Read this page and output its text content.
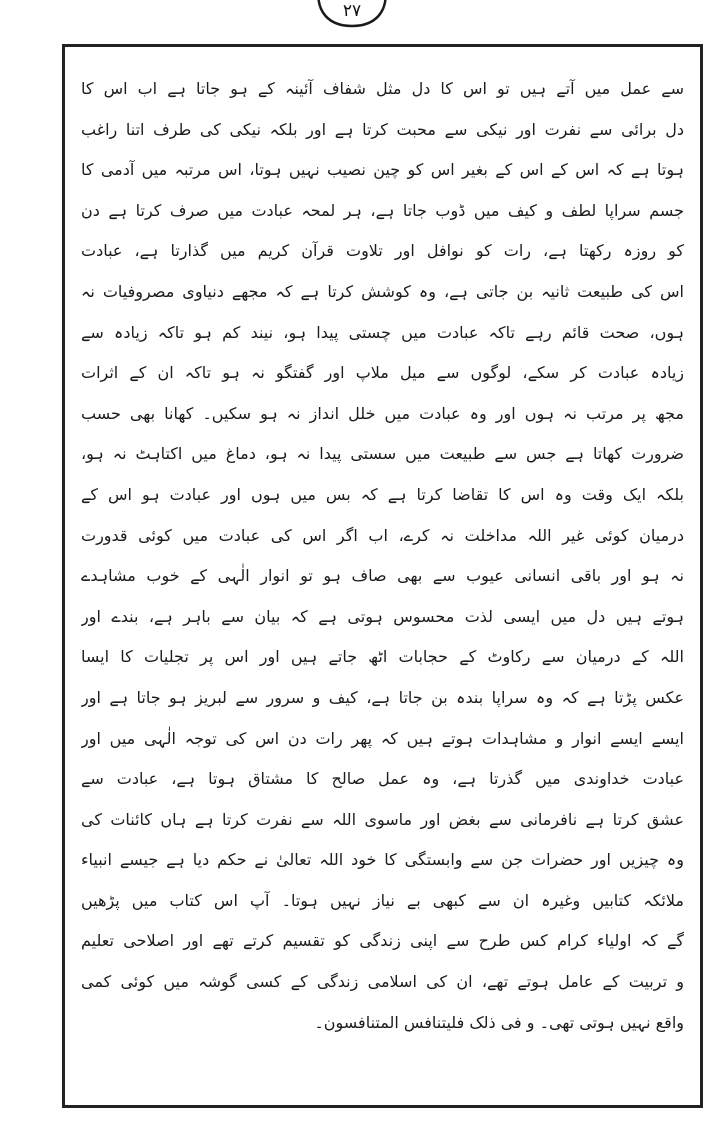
٢٧
سے عمل میں آتے ہیں تو اس کا دل مثل شفاف آئینہ کے ہو جاتا ہے اب اس کا
دل برائی سے نفرت اور نیکی سے محبت کرتا ہے اور بلکہ نیکی کی طرف اتنا راغب
ہوتا ہے کہ اس کے اس کے بغیر اس کو چین نصیب نہیں ہوتا، اس مرتبہ میں آدمی کا
جسم سراپا لطف و کیف میں ڈوب جاتا ہے، ہر لمحہ عبادت میں صرف کرتا ہے دن
کو روزہ رکھتا ہے، رات کو نوافل اور تلاوت قرآن کریم میں گذارتا ہے، عبادت
اس کی طبیعت ثانیہ بن جاتی ہے، وہ کوشش کرتا ہے کہ مجھے دنیاوی مصروفیات نہ
ہوں، صحت قائم رہے تاکہ عبادت میں چستی پیدا ہو، نیند کم ہو تاکہ زیادہ سے
زیادہ عبادت کر سکے، لوگوں سے میل ملاپ اور گفتگو نہ ہو تاکہ ان کے اثرات
مجھ پر مرتب نہ ہوں اور وہ عبادت میں خلل انداز نہ ہو سکیں۔ کھانا بھی حسب
ضرورت کھاتا ہے جس سے طبیعت میں سستی پیدا نہ ہو، دماغ میں اکتاہٹ نہ ہو،
بلکہ ایک وقت وہ اس کا تقاضا کرتا ہے کہ بس میں ہوں اور عبادت ہو اس کے
درمیان کوئی غیر اللہ مداخلت نہ کرے، اب اگر اس کی عبادت میں کوئی قدورت
نہ ہو اور باقی انسانی عیوب سے بھی صاف ہو تو انوار الٰہی کے خوب مشاہدے
ہوتے ہیں دل میں ایسی لذت محسوس ہوتی ہے کہ بیان سے باہر ہے، بندے اور
اللہ کے درمیان سے رکاوٹ کے حجابات اٹھ جاتے ہیں اور اس پر تجلیات کا ایسا
عکس پڑتا ہے کہ وہ سراپا بندہ بن جاتا ہے، کیف و سرور سے لبریز ہو جاتا ہے اور
ایسے ایسے انوار و مشاہدات ہوتے ہیں کہ پھر رات دن اس کی توجہ الٰہی میں اور
عبادت خداوندی میں گذرتا ہے، وہ عمل صالح کا مشتاق ہوتا ہے، عبادت سے
عشق کرتا ہے نافرمانی سے بغض اور ماسوی اللہ سے نفرت کرتا ہے ہاں کائنات کی
وہ چیزیں اور حضرات جن سے وابستگی کا خود اللہ تعالیٰ نے حکم دیا ہے جیسے انبیاء
ملائکہ کتابیں وغیرہ ان سے کبھی بے نیاز نہیں ہوتا۔ آپ اس کتاب میں پڑھیں
گے کہ اولیاء کرام کس طرح سے اپنی زندگی کو تقسیم کرتے تھے اور اصلاحی تعلیم
و تربیت کے عامل ہوتے تھے، ان کی اسلامی زندگی کے کسی گوشہ میں کوئی کمی
واقع نہیں ہوتی تھی۔ و فی ذلک فلیتنافس المتنافسون۔
